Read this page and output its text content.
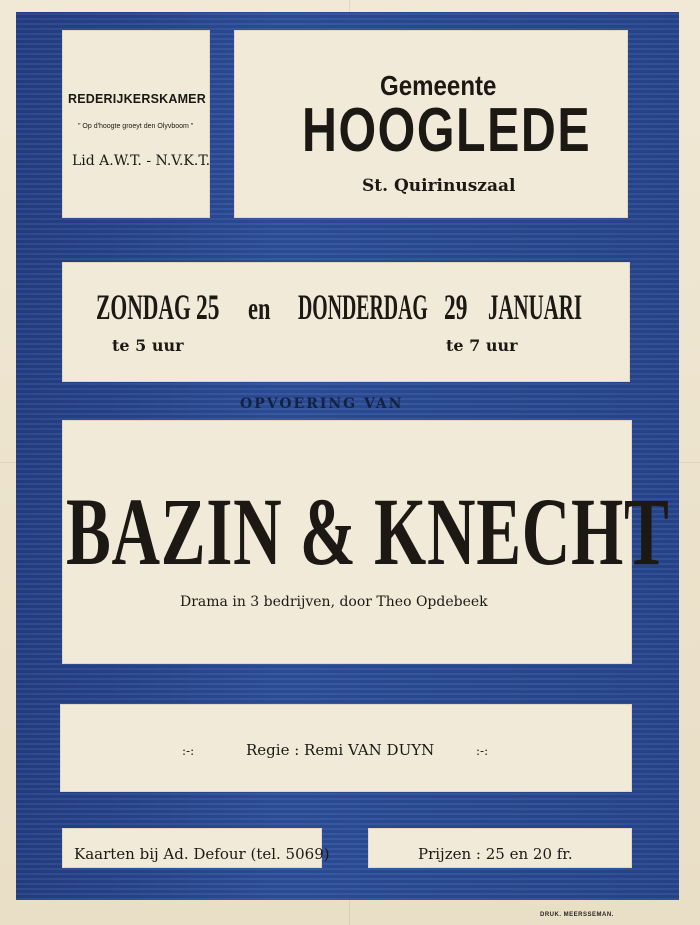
REDERIJKERSKAMER
" Op d'hoogte groeyt den Olyvboom "
Lid A.W.T. - N.V.K.T.
Gemeente
HOOGLEDE
St. Quirinuszaal
ZONDAG 25 en DONDERDAG 29 JANUARI
te 5 uur	te 7 uur
OPVOERING VAN
BAZIN & KNECHT
Drama in 3 bedrijven, door Theo Opdebeek
:-:	Regie : Remi VAN DUYN	:-:
Kaarten bij Ad. Defour (tel. 5069)	Prijzen : 25 en 20 fr.
DRUK. MEERSSEMAN.
